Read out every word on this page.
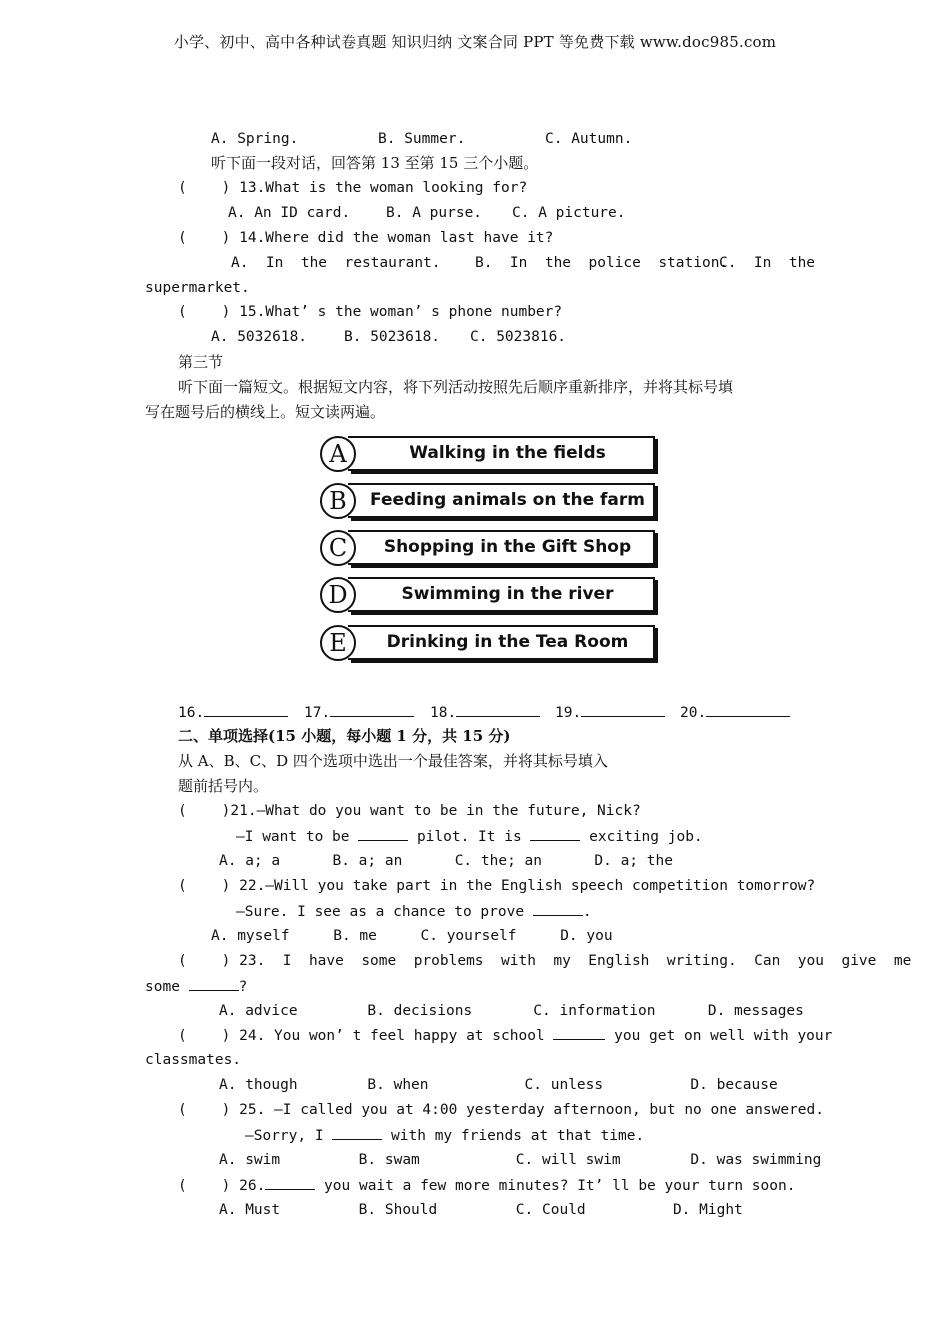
小学、初中、高中各种试卷真题 知识归纳 文案合同 PPT 等免费下载 www.doc985.com
A. Spring.	B. Summer.	C. Autumn.
听下面一段对话，回答第 13 至第 15 三个小题。
(    ) 13.What is the woman looking for?
A. An ID card. B. A purse. C. A picture.
(    ) 14.Where did the woman last have it?
A.  In  the  restaurant. B.  In  the  police  station.
C.  In  the
supermarket.
(    ) 15.What’ s the woman’ s phone number?
A. 5032618.	B. 5023618. C. 5023816.
第三节
听下面一篇短文。根据短文内容，将下列活动按照先后顺序重新排序，并将其标号填
写在题号后的横线上。短文读两遍。
A	Walking in the fields
B	Feeding animals on the farm
C	Shopping in the Gift Shop
D	Swimming in the river
E	Drinking in the Tea Room
16.	17.	18.	19.	20.
二、单项选择(15 小题，每小题 1 分，共 15 分)
从 A、B、C、D 四个选项中选出一个最佳答案，并将其标号填入
题前括号内。
(    )21.—What do you want to be in the future, Nick?
—I want to be	pilot. It is	exciting job.
A. a; a      B. a; an      C. the; an      D. a; the
(    ) 22.—Will you take part in the English speech competition tomorrow?
—Sure. I see as a chance to prove	.
A. myself     B. me     C. yourself     D. you
(    ) 23.  I  have  some  problems  with  my  English  writing.  Can  you  give  me
some	?
A. advice        B. decisions       C. information      D. messages
(    ) 24. You won’ t feel happy at school	you get on well with your
classmates.
A. though        B. when           C. unless          D. because
(    ) 25. —I called you at 4:00 yesterday afternoon, but no one answered.
—Sorry, I	with my friends at that time.
A. swim         B. swam           C. will swim        D. was swimming
(    ) 26.	you wait a few more minutes? It’ ll be your turn soon.
A. Must         B. Should         C. Could          D. Might
